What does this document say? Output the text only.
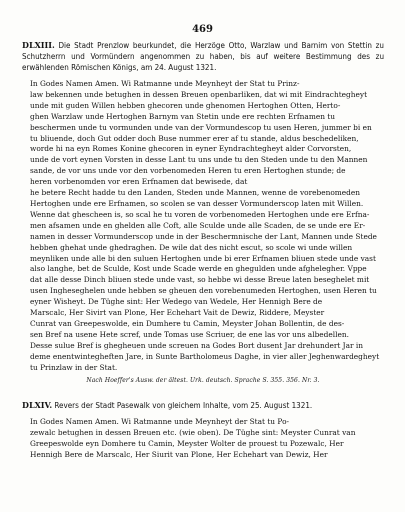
469
DLXIII. Die Stadt Prenzlow beurkundet, die Herzöge Otto, Warzlaw und Barnim von Stettin zu Schutzherrn und Vormündern angenommen zu haben, bis auf weitere Bestimmung des zu erwählenden Römischen Königs, am 24. August 1321.
In Godes Namen Amen. Wi Ratmanne unde Meynheyt der Stat tu Prinz-
law bekennen unde betughen in dessen Breuen openbarliken, dat wi mit Eindrachtegheyt
unde mit guden Willen hebben ghecoren unde ghenomen Hertoghen Otten, Herto-
ghen Warzlaw unde Hertoghen Barnym van Stetin unde ere rechten Erfnamen tu
beschermen unde tu vormunden unde van der Vormundescop tu usen Heren, jummer bi en
tu bliuende, doch Gut odder doch Buse nummer erer af tu stande, aldus beschedeliken,
worde hi na eyn Romes Konine ghecoren in eyner Eyndrachtegheyt alder Corvorsten,
unde de vort eynen Vorsten in desse Lant tu uns unde tu den Steden unde tu den Mannen
sande, de vor uns unde vor den vorbenomeden Heren tu eren Hertoghen stunde; de
heren vorbenomden vor eren Erfnamen dat bewisede, dat
he betere Recht hadde tu den Landen, Steden unde Mannen, wenne de vorebenomeden
Hertoghen unde ere Erfnamen, so scolen se van desser Vormunderscop laten mit Willen.
Wenne dat ghescheen is, so scal he tu voren de vorbenomeden Hertoghen unde ere Erfna-
men afsamen unde en ghelden alle Coft, alle Sculde unde alle Scaden, de se unde ere Er-
namen in desser Vormunderscop unde in der Beschermnische der Lant, Mannen unde Stede
hebben ghehat unde ghedraghen. De wile dat des nicht escut, so scole wi unde willen
meynliken unde alle bi den suluen Hertoghen unde bi erer Erfnamen bliuen stede unde vast
also langhe, bet de Sculde, Kost unde Scade werde en ghegulden unde afghelegher. Vppe
dat alle desse Dinch bliuen stede unde vast, so hebbe wi desse Breue laten beseghelet mit
usen Ingheseghelen unde hebben se gheuen den vorebenumeden Hertoghen, usen Heren tu
eyner Wisheyt. De Tüghe sint: Her Wedego van Wedele, Her Hennigh Bere de
Marscalc, Her Sivirt van Plone, Her Echehart Vait de Dewiz, Riddere, Meyster
Cunrat van Greepeswolde, ein Dumhere tu Camin, Meyster Johan Bollentin, de des-
sen Bref na usene Hete scref, unde Tomas use Scriuer, de ene las vor uns albedellen.
Desse sulue Bref is ghegheuen unde screuen na Godes Bort dusent Jar drehundert Jar in
deme enentwintegheften Jare, in Sunte Bartholomeus Daghe, in vier aller Jeghenwardegheyt
tu Prinzlaw in der Stat.
Nach Hoeffer's Ausw. der ältest. Urk. deutsch. Sprache S. 355. 356. Nr. 3.
DLXIV. Revers der Stadt Pasewalk von gleichem Inhalte, vom 25. August 1321.
In Godes Namen Amen. Wi Ratmanne unde Meynheyt der Stat tu Po-
zewalc betughen in dessen Breuen etc. (wie oben). De Tüghe sint: Meyster Cunrat van
Greepeswolde eyn Domhere tu Camin, Meyster Wolter de prouest tu Pozewalc, Her
Hennigh Bere de Marscalc, Her Siurit van Plone, Her Echehart van Dewiz, Her
